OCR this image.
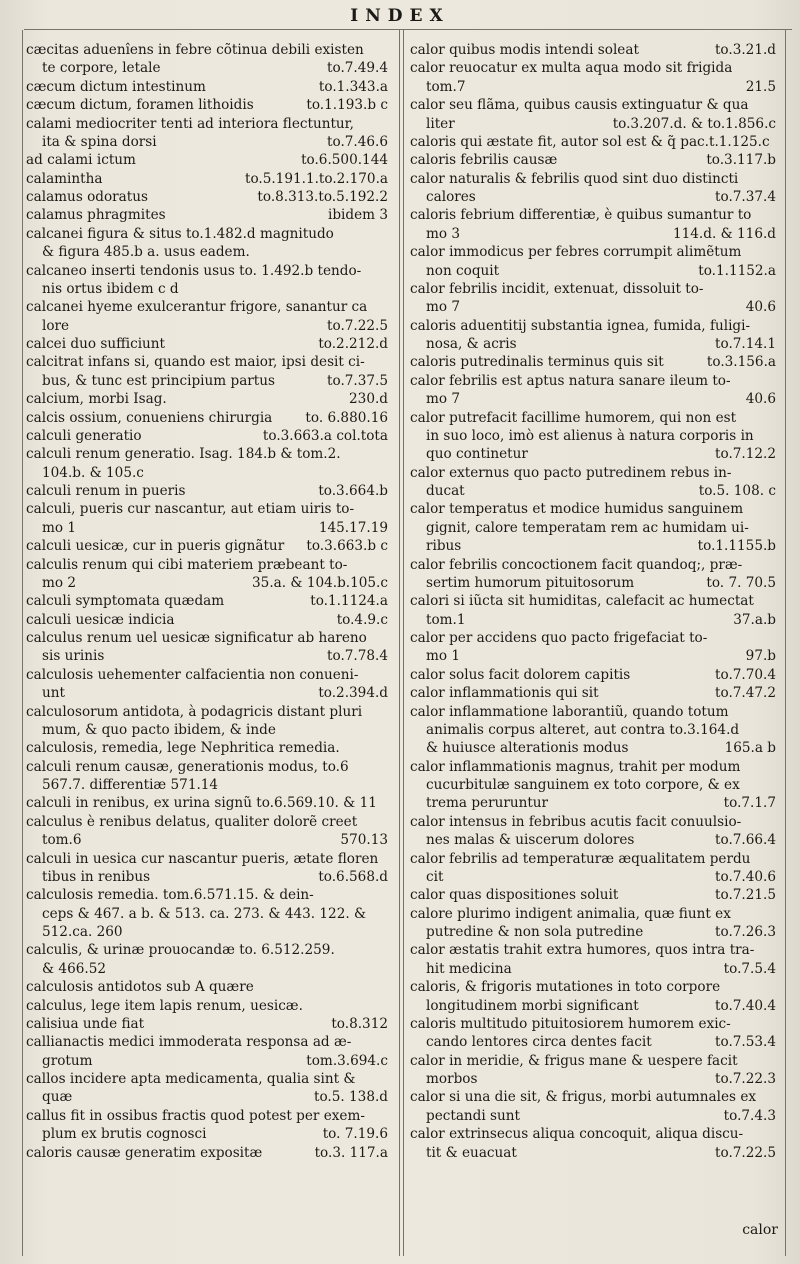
INDEX
cæcitas aduenîens in febre cõtinua debili existen
te corpore, letale	to.7.49.4
cæcum dictum intestinum	to.1.343.a
cæcum dictum, foramen lithoidis	to.1.193.b c
calami mediocriter tenti ad interiora flectuntur,
ita & spina dorsi	to.7.46.6
ad calami ictum	to.6.500.144
calamintha	to.5.191.1.to.2.170.a
calamus odoratus	to.8.313.to.5.192.2
calamus phragmites	ibidem 3
calcanei figura & situs to.1.482.d magnitudo
& figura 485.b a. usus eadem.
calcaneo inserti tendonis usus to. 1.492.b tendo-
nis ortus ibidem c d
calcanei hyeme exulcerantur frigore, sanantur ca
lore	to.7.22.5
calcei duo sufficiunt	to.2.212.d
calcitrat infans si, quando est maior, ipsi desit ci-
bus, & tunc est principium partus	to.7.37.5
calcium, morbi Isag.	230.d
calcis ossium, conueniens chirurgia to. 6.880.16
calculi generatio	to.3.663.a col.tota
calculi renum generatio. Isag. 184.b & tom.2.
104.b. & 105.c
calculi renum in pueris	to.3.664.b
calculi, pueris cur nascantur, aut etiam uiris to-
mo 1	145.17.19
calculi uesicæ, cur in pueris gignãtur to.3.663.b c
calculis renum qui cibi materiem præbeant to-
mo 2	35.a. & 104.b.105.c
calculi symptomata quædam	to.1.1124.a
calculi uesicæ indicia	to.4.9.c
calculus renum uel uesicæ significatur ab hareno
sis urinis	to.7.78.4
calculosis uehementer calfacientia non conueni-
unt	to.2.394.d
calculosorum antidota, à podagricis distant pluri
mum, & quo pacto ibidem, & inde
calculosis, remedia, lege Nephritica remedia.
calculi renum causæ, generationis modus, to.6
567.7. differentiæ 571.14
calculi in renibus, ex urina signũ to.6.569.10. & 11
calculus è renibus delatus, qualiter dolorẽ creet
tom.6	570.13
calculi in uesica cur nascantur pueris, ætate floren
tibus in renibus	to.6.568.d
calculosis remedia. tom.6.571.15. & dein-
ceps & 467. a b. & 513. ca. 273. & 443. 122. &
512.ca. 260
calculis, & urinæ prouocandæ to. 6.512.259.
& 466.52
calculosis antidotos sub A quære
calculus, lege item lapis renum, uesicæ.
calisiua unde fiat	to.8.312
callianactis medici immoderata responsa ad æ-
grotum	tom.3.694.c
callos incidere apta medicamenta, qualia sint &
quæ	to.5. 138.d
callus fit in ossibus fractis quod potest per exem-
plum ex brutis cognosci	to. 7.19.6
caloris causæ generatim expositæ	to.3. 117.a
calor quibus modis intendi soleat	to.3.21.d
calor reuocatur ex multa aqua modo sit frigida
tom.7	21.5
calor seu flãma, quibus causis extinguatur & qua
liter	to.3.207.d. & to.1.856.c
caloris qui æstate fit, autor sol est & q̃ pac.t.1.125.c
caloris febrilis causæ	to.3.117.b
calor naturalis & febrilis quod sint duo distincti
calores	to.7.37.4
caloris febrium differentiæ, è quibus sumantur to
mo 3	114.d. & 116.d
calor immodicus per febres corrumpit alimẽtum
non coquit	to.1.1152.a
calor febrilis incidit, extenuat, dissoluit to-
mo 7	40.6
caloris aduentitij substantia ignea, fumida, fuligi-
nosa, & acris	to.7.14.1
caloris putredinalis terminus quis sit	to.3.156.a
calor febrilis est aptus natura sanare ileum to-
mo 7	40.6
calor putrefacit facillime humorem, qui non est
in suo loco, imò est alienus à natura corporis in
quo continetur	to.7.12.2
calor externus quo pacto putredinem rebus in-
ducat	to.5. 108. c
calor temperatus et modice humidus sanguinem
gignit, calore temperatam rem ac humidam ui-
ribus	to.1.1155.b
calor febrilis concoctionem facit quandoq;, præ-
sertim humorum pituitosorum	to. 7. 70.5
calori si iũcta sit humiditas, calefacit ac humectat
tom.1	37.a.b
calor per accidens quo pacto frigefaciat to-
mo 1	97.b
calor solus facit dolorem capitis	to.7.70.4
calor inflammationis qui sit	to.7.47.2
calor inflammatione laborantiũ, quando totum
animalis corpus alteret, aut contra to.3.164.d
& huiusce alterationis modus	165.a b
calor inflammationis magnus, trahit per modum
cucurbitulæ sanguinem ex toto corpore, & ex
trema peruruntur	to.7.1.7
calor intensus in febribus acutis facit conuulsio-
nes malas & uiscerum dolores	to.7.66.4
calor febrilis ad temperaturæ æqualitatem perdu
cit	to.7.40.6
calor quas dispositiones soluit	to.7.21.5
calore plurimo indigent animalia, quæ fiunt ex
putredine & non sola putredine	to.7.26.3
calor æstatis trahit extra humores, quos intra tra-
hit medicina	to.7.5.4
caloris, & frigoris mutationes in toto corpore
longitudinem morbi significant	to.7.40.4
caloris multitudo pituitosiorem humorem exic-
cando lentores circa dentes facit	to.7.53.4
calor in meridie, & frigus mane & uespere facit
morbos	to.7.22.3
calor si una die sit, & frigus, morbi autumnales ex
pectandi sunt	to.7.4.3
calor extrinsecus aliqua concoquit, aliqua discu-
tit & euacuat	to.7.22.5
calor
